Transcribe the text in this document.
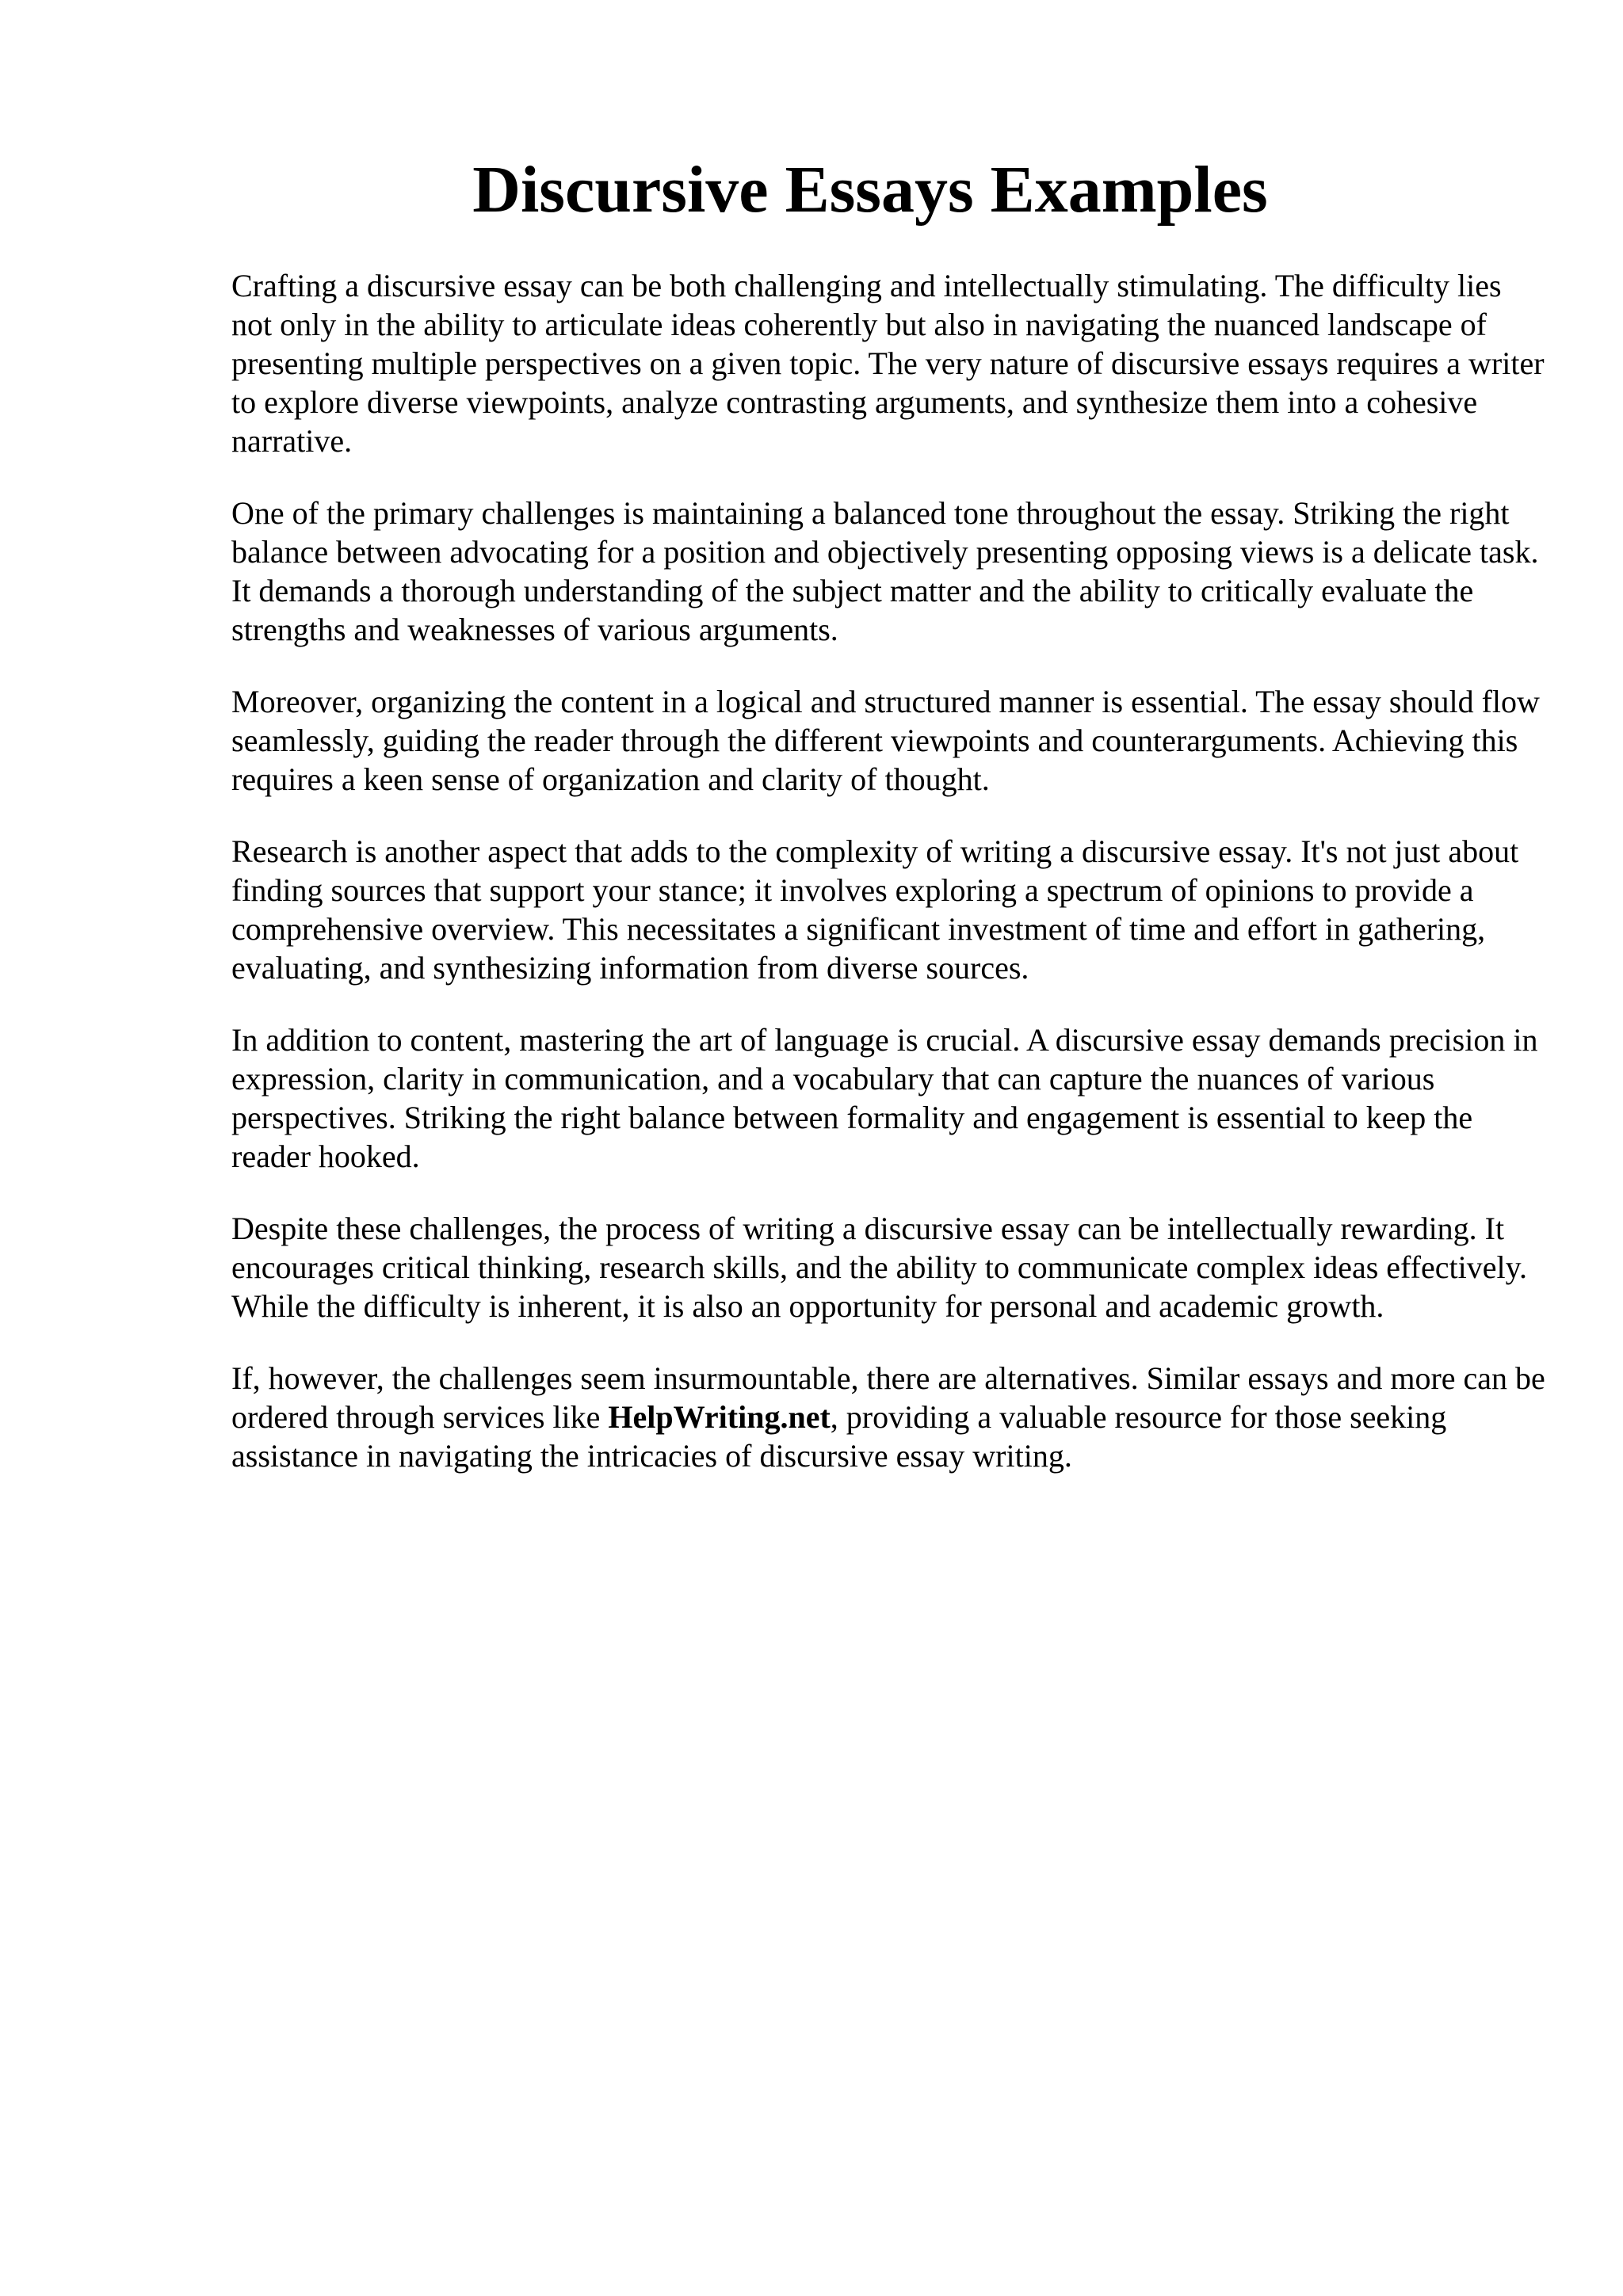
Discursive Essays Examples

Crafting a discursive essay can be both challenging and intellectually stimulating. The difficulty lies not only in the ability to articulate ideas coherently but also in navigating the nuanced landscape of presenting multiple perspectives on a given topic. The very nature of discursive essays requires a writer to explore diverse viewpoints, analyze contrasting arguments, and synthesize them into a cohesive narrative.

One of the primary challenges is maintaining a balanced tone throughout the essay. Striking the right balance between advocating for a position and objectively presenting opposing views is a delicate task. It demands a thorough understanding of the subject matter and the ability to critically evaluate the strengths and weaknesses of various arguments.

Moreover, organizing the content in a logical and structured manner is essential. The essay should flow seamlessly, guiding the reader through the different viewpoints and counterarguments. Achieving this requires a keen sense of organization and clarity of thought.

Research is another aspect that adds to the complexity of writing a discursive essay. It's not just about finding sources that support your stance; it involves exploring a spectrum of opinions to provide a comprehensive overview. This necessitates a significant investment of time and effort in gathering, evaluating, and synthesizing information from diverse sources.

In addition to content, mastering the art of language is crucial. A discursive essay demands precision in expression, clarity in communication, and a vocabulary that can capture the nuances of various perspectives. Striking the right balance between formality and engagement is essential to keep the reader hooked.

Despite these challenges, the process of writing a discursive essay can be intellectually rewarding. It encourages critical thinking, research skills, and the ability to communicate complex ideas effectively. While the difficulty is inherent, it is also an opportunity for personal and academic growth.

If, however, the challenges seem insurmountable, there are alternatives. Similar essays and more can be ordered through services like HelpWriting.net, providing a valuable resource for those seeking assistance in navigating the intricacies of discursive essay writing.
